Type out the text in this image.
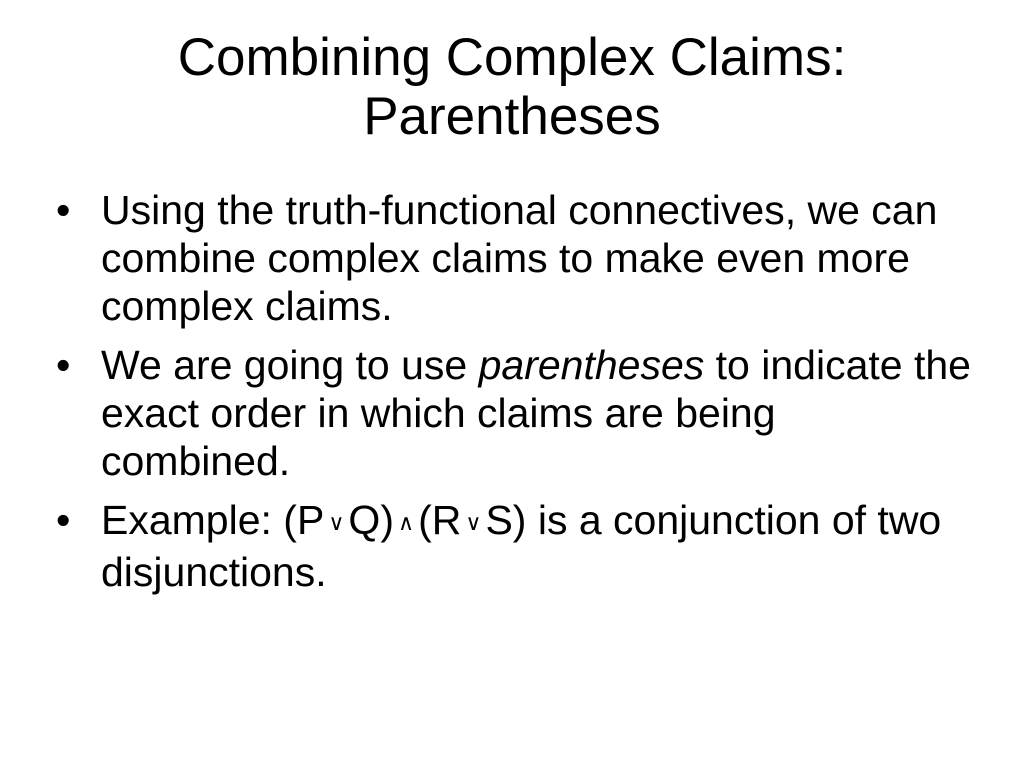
Combining Complex Claims:
Parentheses
• Using the truth-functional connectives, we can combine complex claims to make even more complex claims.
• We are going to use parentheses to indicate the exact order in which claims are being combined.
• Example: (P ∨Q) ∧(R ∨S) is a conjunction of two disjunctions.
